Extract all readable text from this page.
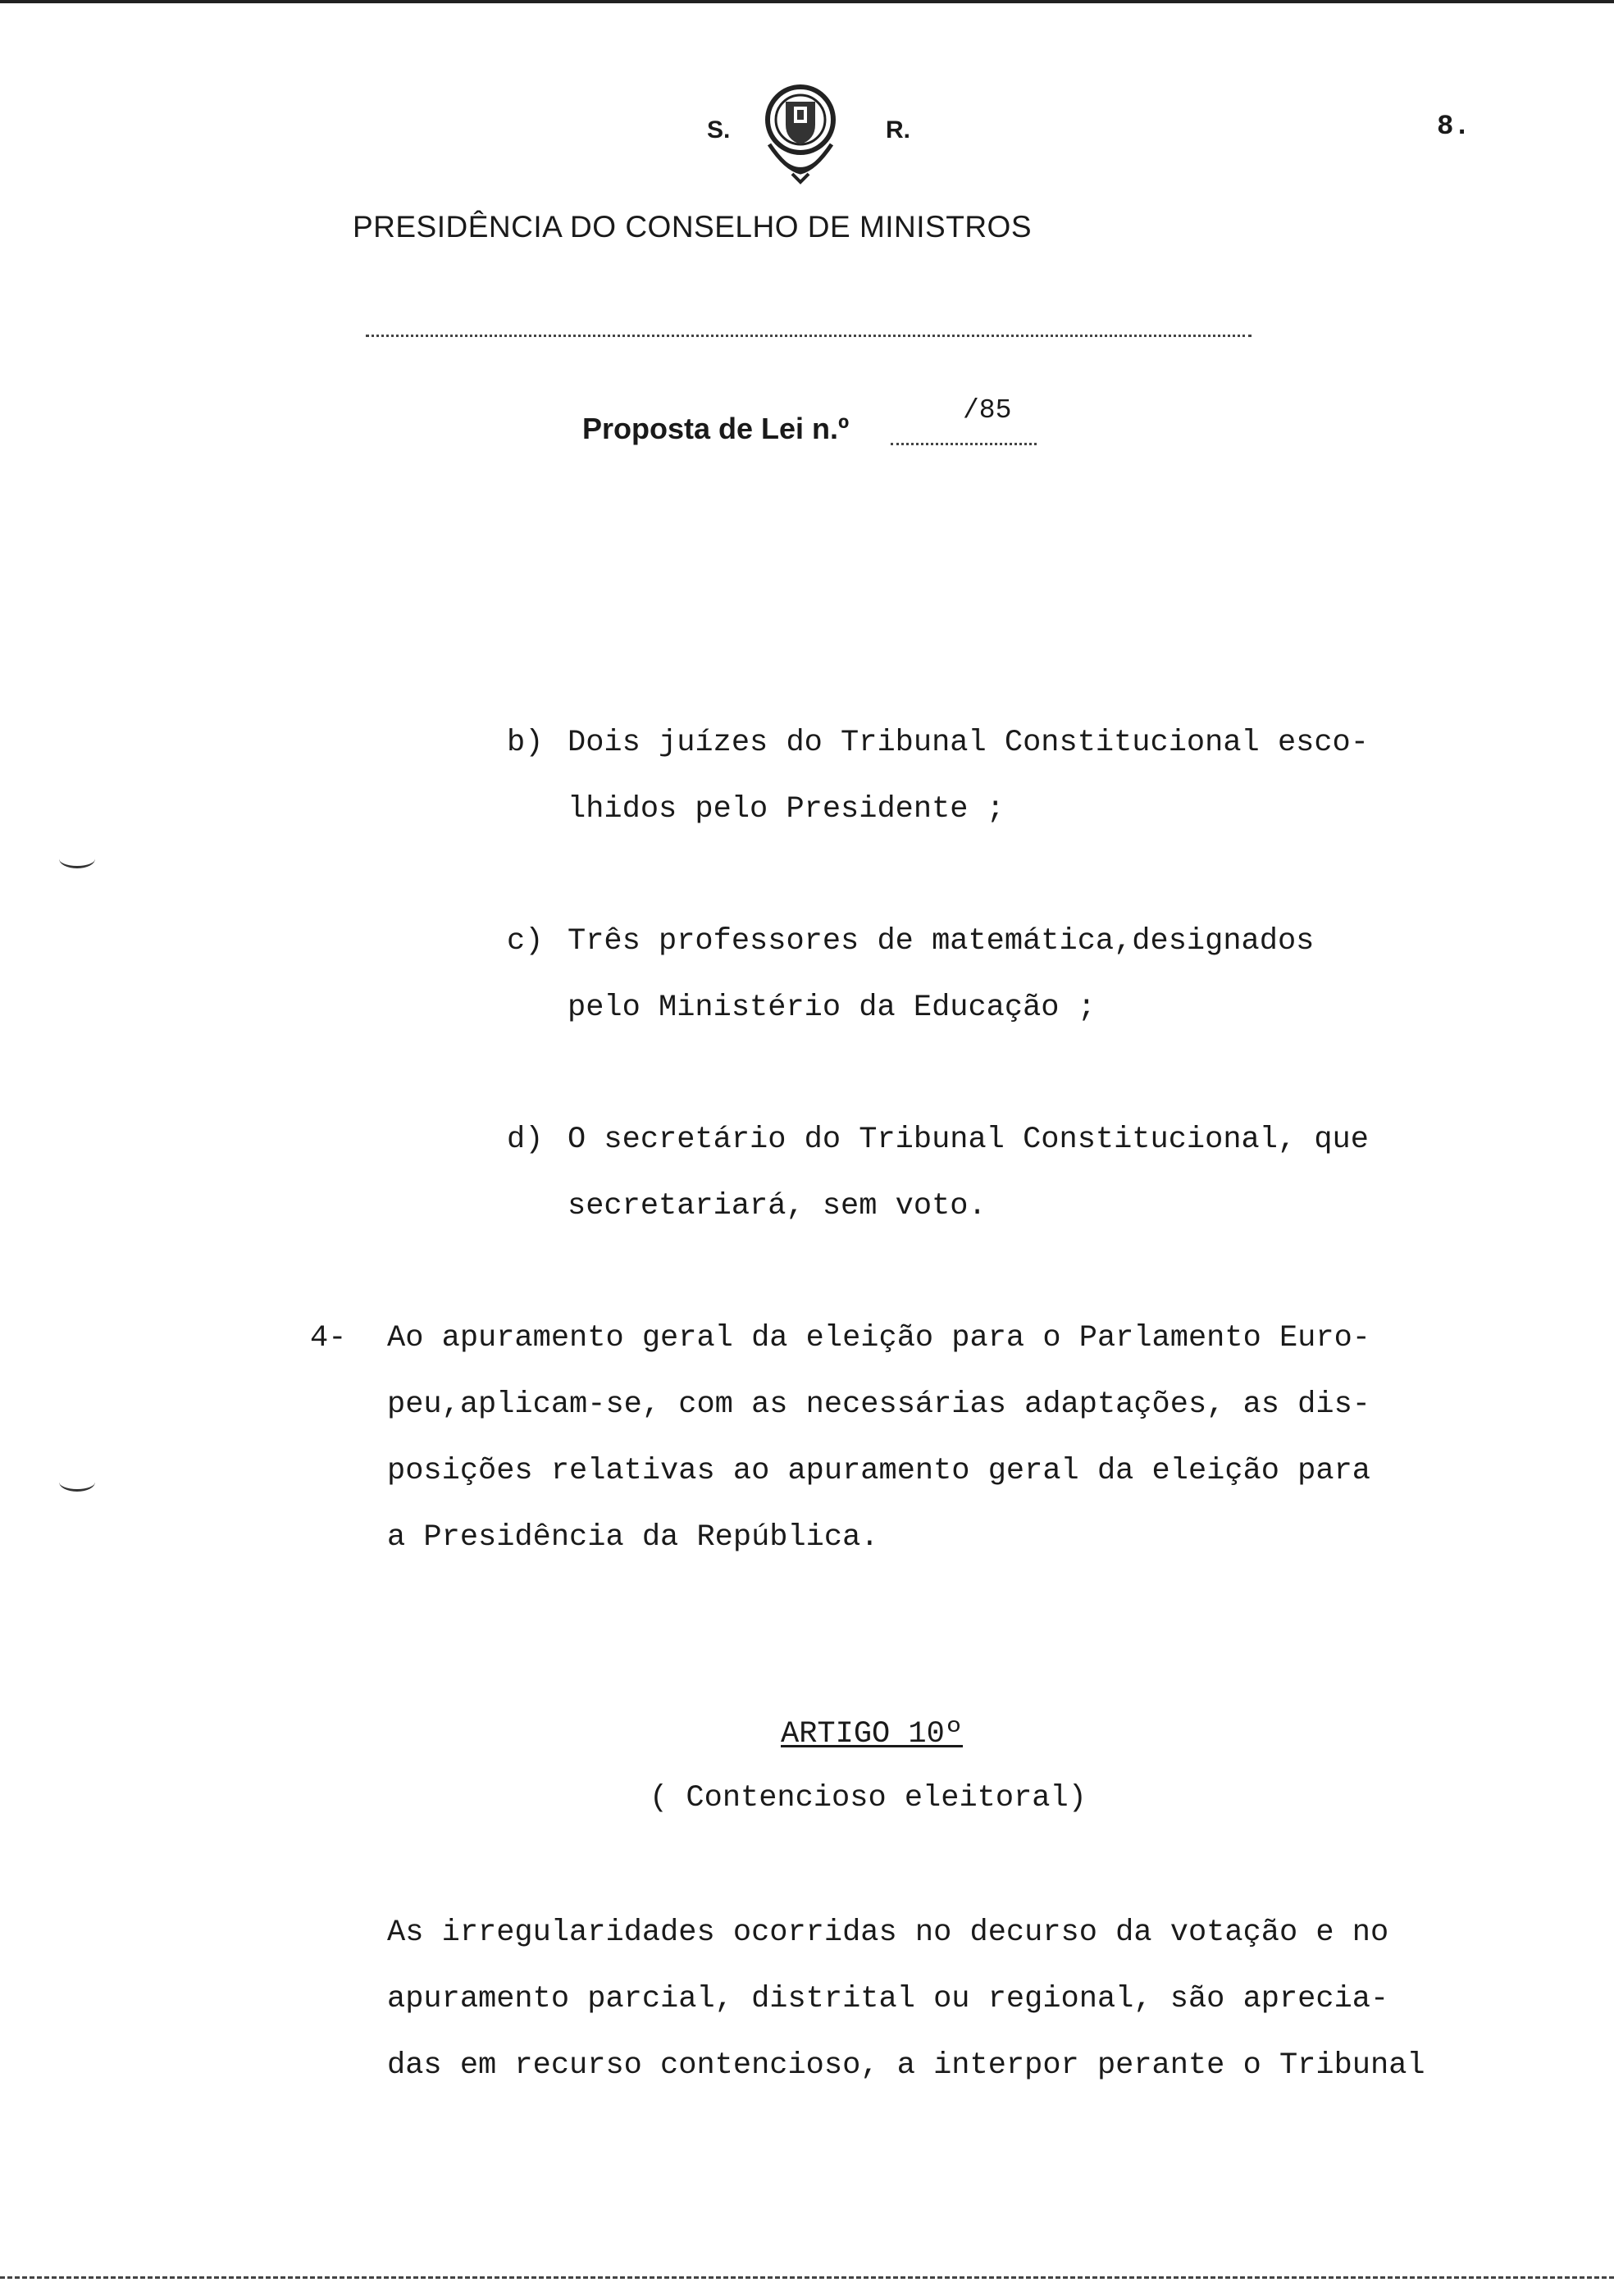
S.	R.	8.
PRESIDÊNCIA DO CONSELHO DE MINISTROS
Proposta de Lei n.º
/85
b) Dois juízes do Tribunal Constitucional esco-
lhidos pelo Presidente ;
c) Três professores de matemática,designados
pelo Ministério da Educação ;
d) O secretário do Tribunal Constitucional, que
secretariará, sem voto.
4- Ao apuramento geral da eleição para o Parlamento Euro-
peu,aplicam-se, com as necessárias adaptações, as dis-
posições relativas ao apuramento geral da eleição para
a Presidência da República.
ARTIGO 10º
( Contencioso eleitoral)
As irregularidades ocorridas no decurso da votação e no
apuramento parcial, distrital ou regional, são aprecia-
das em recurso contencioso, a interpor perante o Tribunal
